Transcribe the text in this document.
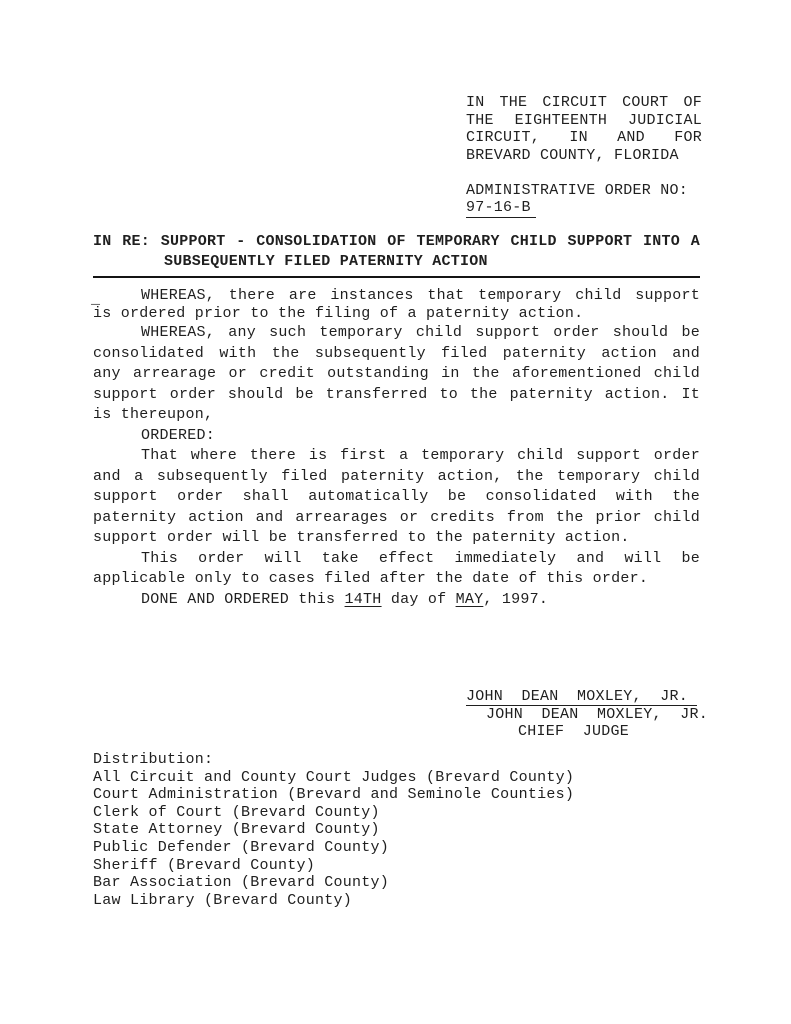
IN THE CIRCUIT COURT OF
THE EIGHTEENTH JUDICIAL
CIRCUIT, IN AND FOR
BREVARD COUNTY, FLORIDA

ADMINISTRATIVE ORDER NO:
97-16-B
IN RE: SUPPORT - CONSOLIDATION OF TEMPORARY CHILD SUPPORT INTO A
SUBSEQUENTLY FILED PATERNITY ACTION
_	WHEREAS, there are instances that temporary child support
is ordered prior to the filing of a paternity action.
WHEREAS, any such temporary child support order should be
consolidated with the subsequently filed paternity action and
any arrearage or credit outstanding in the aforementioned child
support order should be transferred to the paternity action. It
is thereupon,
ORDERED:
That where there is first a temporary child support order
and a subsequently filed paternity action, the temporary child
support order shall automatically be consolidated with the
paternity action and arrearages or credits from the prior child
support order will be transferred to the paternity action.
This order will take effect immediately and will be
applicable only to cases filed after the date of this order.
DONE AND ORDERED this 14TH day of MAY, 1997.
JOHN  DEAN  MOXLEY,  JR.
JOHN  DEAN  MOXLEY,  JR.
CHIEF  JUDGE
Distribution:
All Circuit and County Court Judges (Brevard County)
Court Administration (Brevard and Seminole Counties)
Clerk of Court (Brevard County)
State Attorney (Brevard County)
Public Defender (Brevard County)
Sheriff (Brevard County)
Bar Association (Brevard County)
Law Library (Brevard County)
